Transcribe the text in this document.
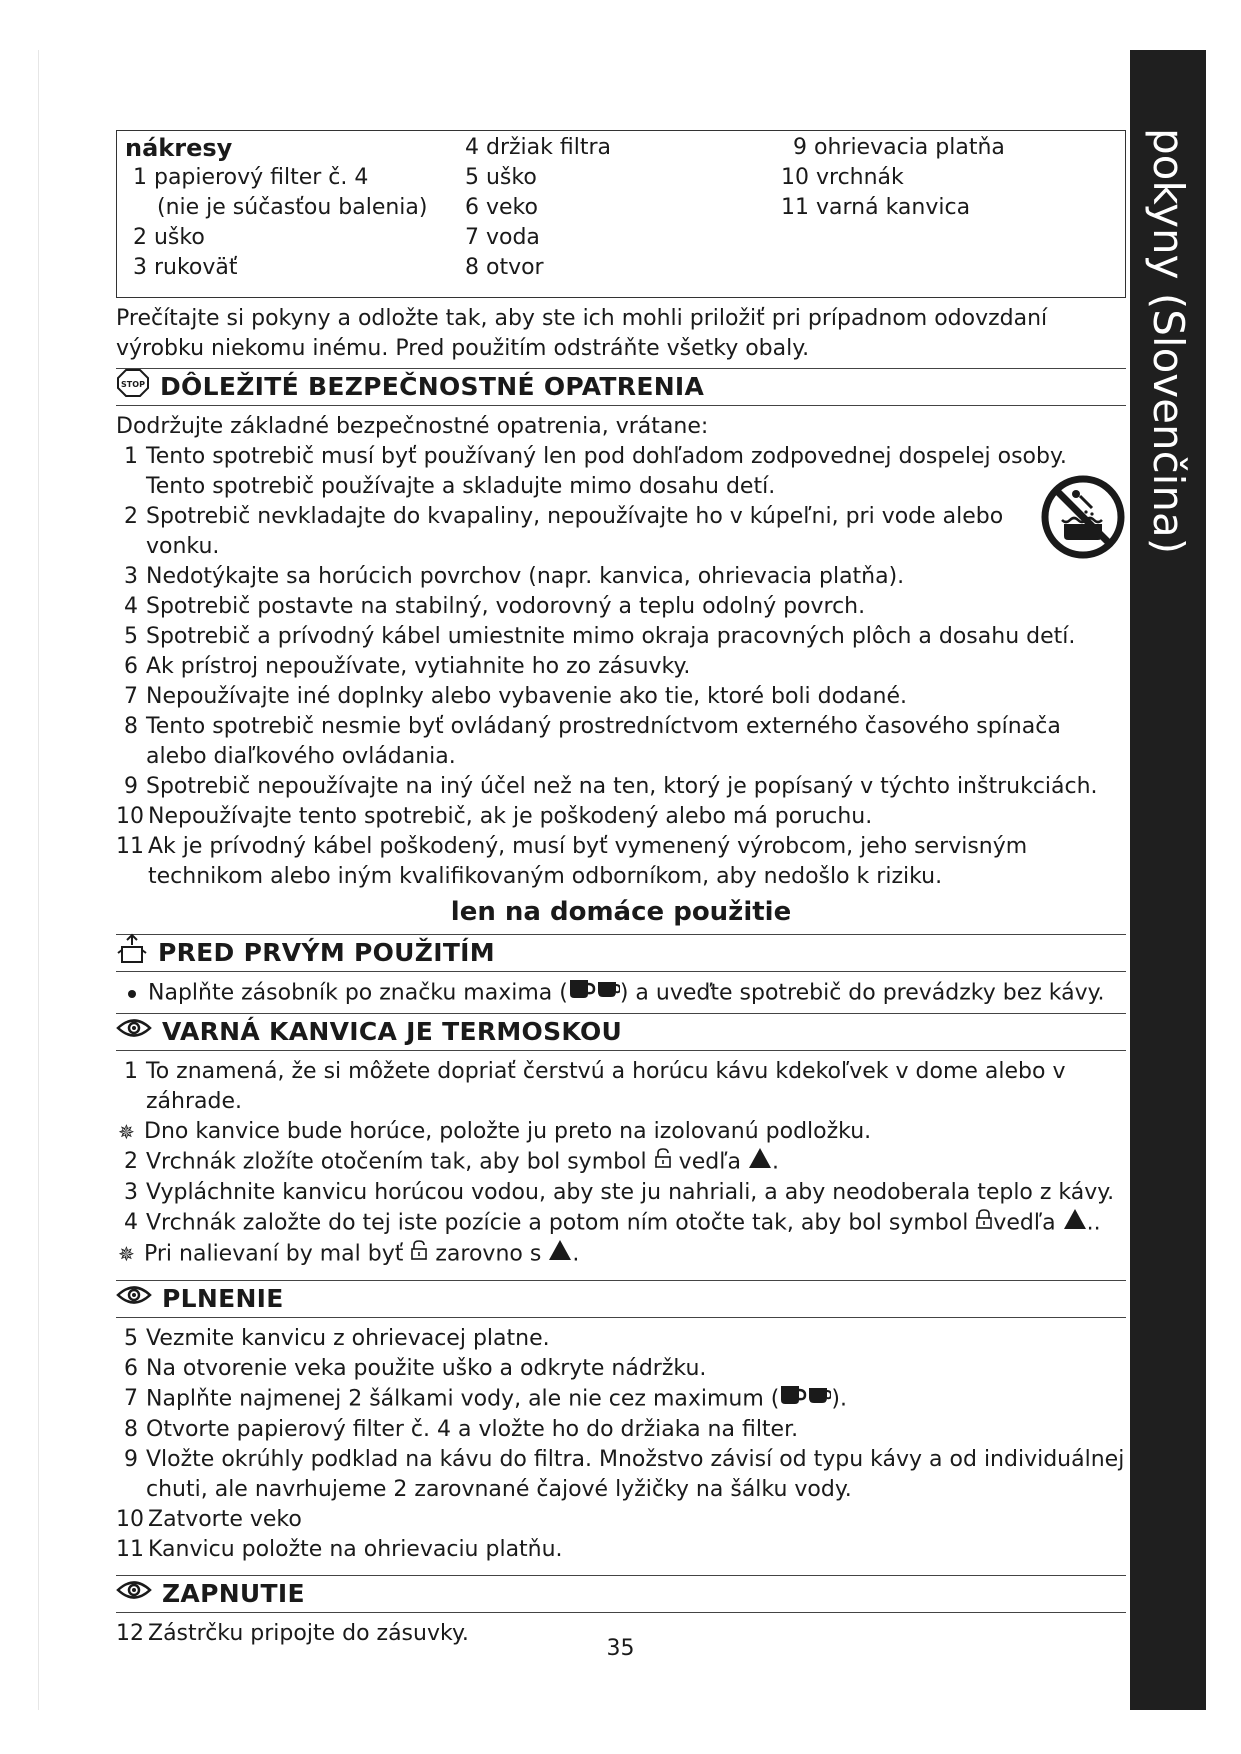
pokyny (Slovenčina)
nákresy
1 papierový filter č. 4
(nie je súčasťou balenia)
2 uško
3 rukoväť
4 držiak filtra
5 uško
6 veko
7 voda
8 otvor
9 ohrievacia platňa
10 vrchnák
11 varná kanvica
Prečítajte si pokyny a odložte tak, aby ste ich mohli priložiť pri prípadnom odovzdaní výrobku niekomu inému. Pred použitím odstráňte všetky obaly.
STOP DÔLEŽITÉ BEZPEČNOSTNÉ OPATRENIA
Dodržujte základné bezpečnostné opatrenia, vrátane:
1 Tento spotrebič musí byť používaný len pod dohľadom zodpovednej dospelej osoby. Tento spotrebič používajte a skladujte mimo dosahu detí.
2 Spotrebič nevkladajte do kvapaliny, nepoužívajte ho v kúpeľni, pri vode alebo vonku.
3 Nedotýkajte sa horúcich povrchov (napr. kanvica, ohrievacia platňa).
4 Spotrebič postavte na stabilný, vodorovný a teplu odolný povrch.
5 Spotrebič a prívodný kábel umiestnite mimo okraja pracovných plôch a dosahu detí.
6 Ak prístroj nepoužívate, vytiahnite ho zo zásuvky.
7 Nepoužívajte iné doplnky alebo vybavenie ako tie, ktoré boli dodané.
8 Tento spotrebič nesmie byť ovládaný prostredníctvom externého časového spínača alebo diaľkového ovládania.
9 Spotrebič nepoužívajte na iný účel než na ten, ktorý je popísaný v týchto inštrukciách.
10 Nepoužívajte tento spotrebič, ak je poškodený alebo má poruchu.
11 Ak je prívodný kábel poškodený, musí byť vymenený výrobcom, jeho servisným technikom alebo iným kvalifikovaným odborníkom, aby nedošlo k riziku.
len na domáce použitie
PRED PRVÝM POUŽITÍM
Naplňte zásobník po značku maxima ( ) a uveďte spotrebič do prevádzky bez kávy.
VARNÁ KANVICA JE TERMOSKOU
1 To znamená, že si môžete dopriať čerstvú a horúcu kávu kdekoľvek v dome alebo v záhrade.
✵ Dno kanvice bude horúce, položte ju preto na izolovanú podložku.
2 Vrchnák zložíte otočením tak, aby bol symbol vedľa .
3 Vypláchnite kanvicu horúcou vodou, aby ste ju nahriali, a aby neodoberala teplo z kávy.
4 Vrchnák založte do tej iste pozície a potom ním otočte tak, aby bol symbol vedľa ..
✵ Pri nalievaní by mal byť zarovno s .
PLNENIE
5 Vezmite kanvicu z ohrievacej platne.
6 Na otvorenie veka použite uško a odkryte nádržku.
7 Naplňte najmenej 2 šálkami vody, ale nie cez maximum ( ).
8 Otvorte papierový filter č. 4 a vložte ho do držiaka na filter.
9 Vložte okrúhly podklad na kávu do filtra. Množstvo závisí od typu kávy a od individuálnej chuti, ale navrhujeme 2 zarovnané čajové lyžičky na šálku vody.
10 Zatvorte veko
11 Kanvicu položte na ohrievaciu platňu.
ZAPNUTIE
12 Zástrčku pripojte do zásuvky.
35
